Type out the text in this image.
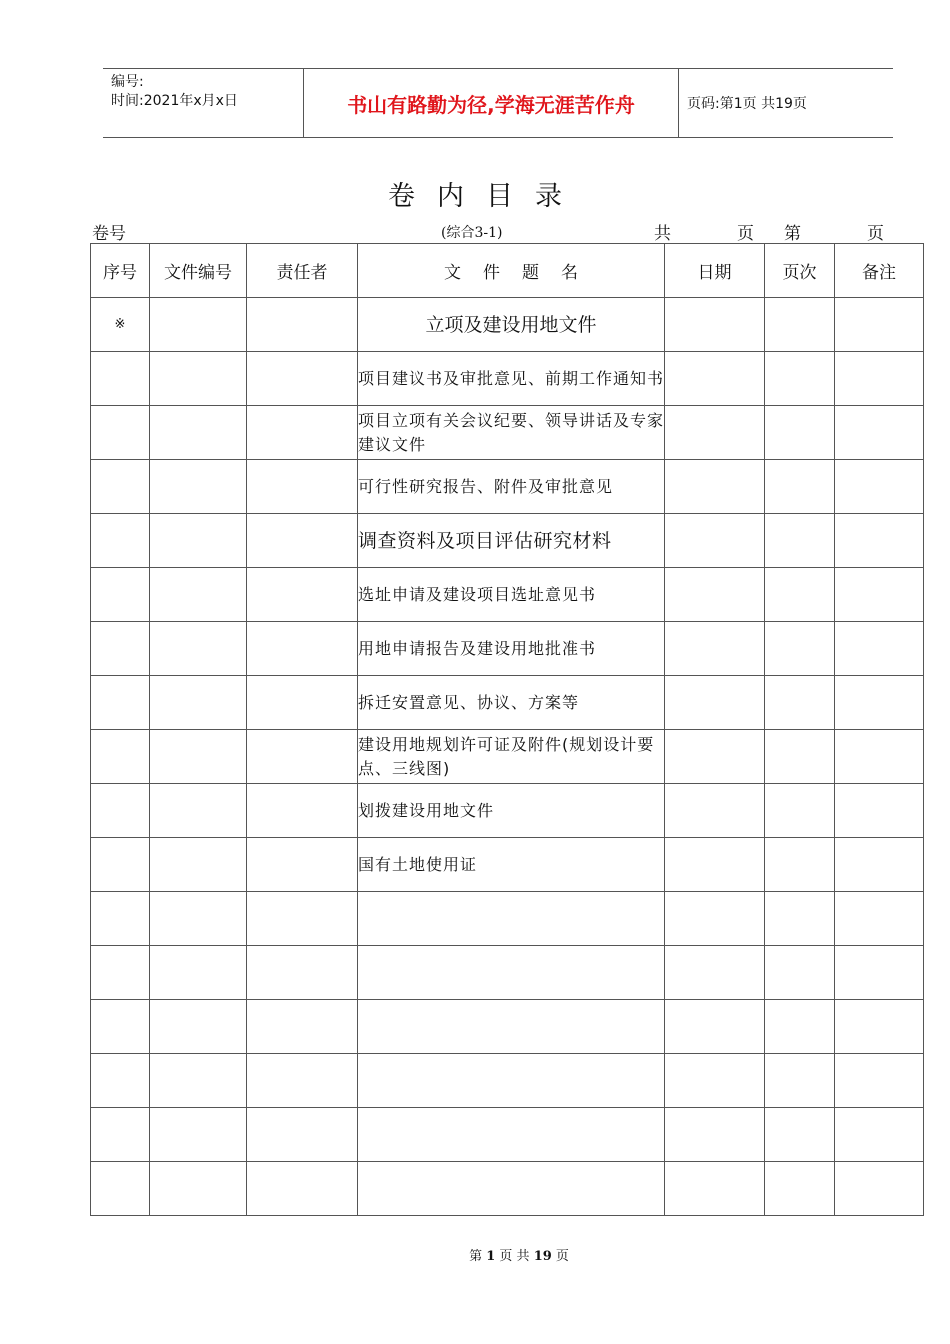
编号:
时间:2021年x月x日	书山有路勤为径,学海无涯苦作舟	页码:第1页 共19页
卷内目录
卷号	(综合3-1)	共	页 第	页
序号	文件编号	责任者	文件题名	日期	页次	备注
※			立项及建设用地文件			
			项目建议书及审批意见、前期工作通知书			
			项目立项有关会议纪要、领导讲话及专家建议文件			
			可行性研究报告、附件及审批意见			
			调查资料及项目评估研究材料			
			选址申请及建设项目选址意见书			
			用地申请报告及建设用地批准书			
			拆迁安置意见、协议、方案等			
			建设用地规划许可证及附件(规划设计要点、三线图)			
			划拨建设用地文件			
			国有土地使用证			

第 1 页 共 19 页
